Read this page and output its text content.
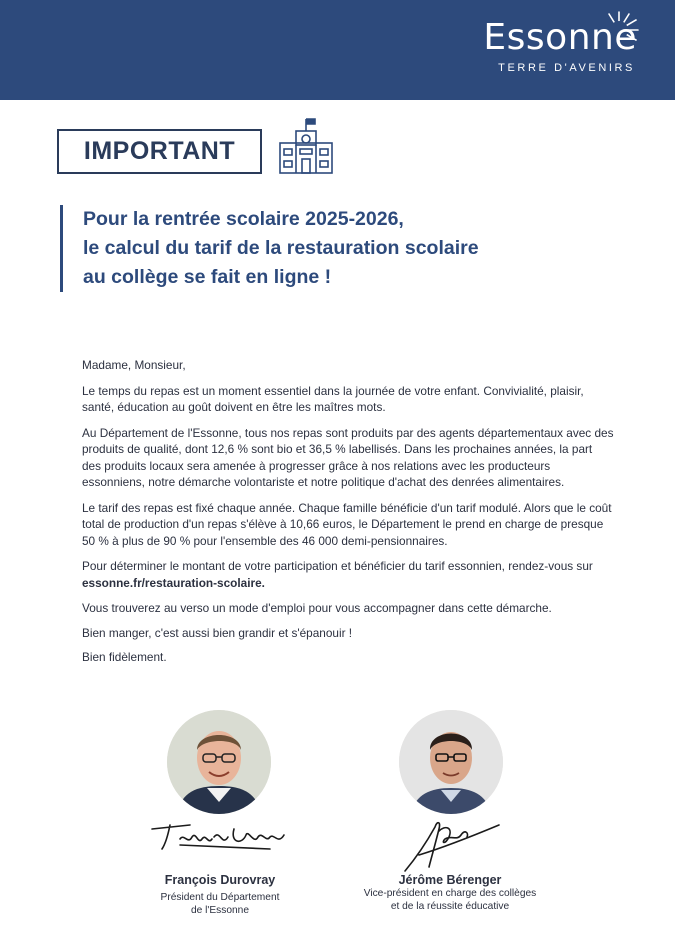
Essonne
TERRE D'AVENIRS
IMPORTANT
Pour la rentrée scolaire 2025-2026,
le calcul du tarif de la restauration scolaire
au collège se fait en ligne !

Madame, Monsieur,

Le temps du repas est un moment essentiel dans la journée de votre enfant. Convivialité, plaisir, santé, éducation au goût doivent en être les maîtres mots.

Au Département de l'Essonne, tous nos repas sont produits par des agents départementaux avec des produits de qualité, dont 12,6 % sont bio et 36,5 % labellisés. Dans les prochaines années, la part des produits locaux sera amenée à progresser grâce à nos relations avec les producteurs essonniens, notre démarche volontariste et notre politique d'achat des denrées alimentaires.

Le tarif des repas est fixé chaque année. Chaque famille bénéficie d'un tarif modulé. Alors que le coût total de production d'un repas s'élève à 10,66 euros, le Département le prend en charge de presque 50 % à plus de 90 % pour l'ensemble des 46 000 demi-pensionnaires.

Pour déterminer le montant de votre participation et bénéficier du tarif essonnien, rendez-vous sur essonne.fr/restauration-scolaire.

Vous trouverez au verso un mode d'emploi pour vous accompagner dans cette démarche.

Bien manger, c'est aussi bien grandir et s'épanouir !

Bien fidèlement.

François Durovray
Président du Département
de l'Essonne
Jérôme Bérenger
Vice-président en charge des collèges
et de la réussite éducative
